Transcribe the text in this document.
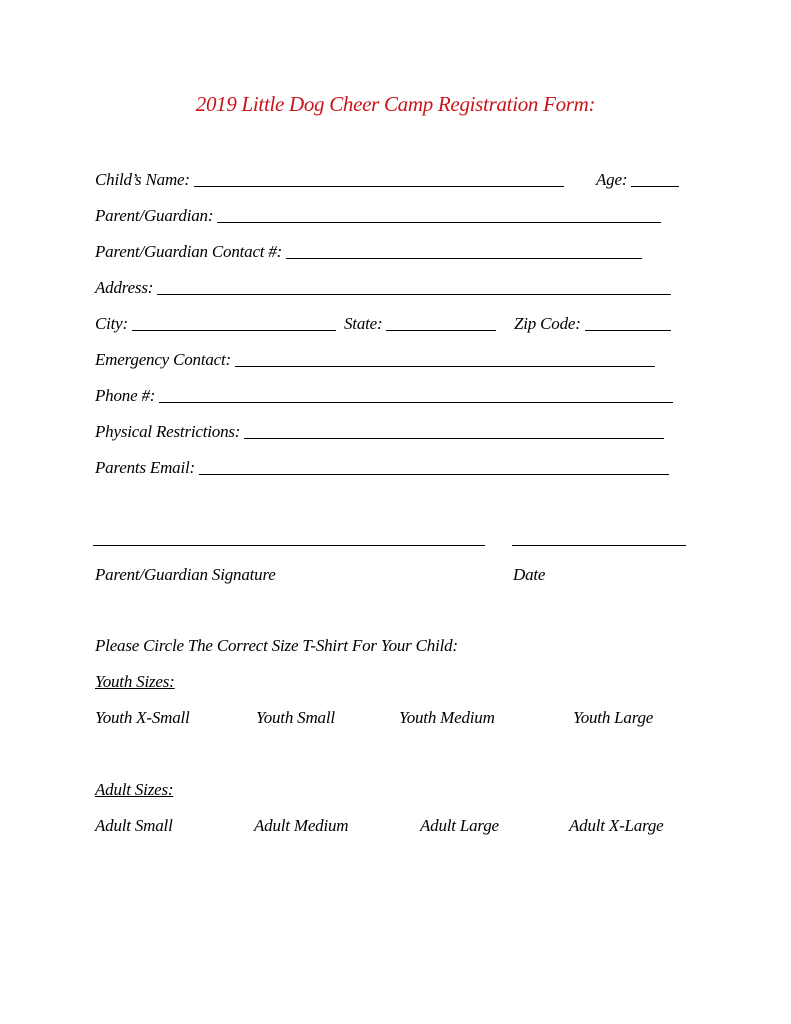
2019 Little Dog Cheer Camp Registration Form:
Child’s Name:	Age:
Parent/Guardian:
Parent/Guardian Contact #:
Address:
City:	State:	Zip Code:
Emergency Contact:
Phone #:
Physical Restrictions:
Parents Email:
Parent/Guardian Signature	Date
Please Circle The Correct Size T-Shirt For Your Child:
Youth Sizes:
Youth X-Small	Youth Small	Youth Medium	Youth Large
Adult Sizes:
Adult Small	Adult Medium	Adult Large	Adult X-Large
